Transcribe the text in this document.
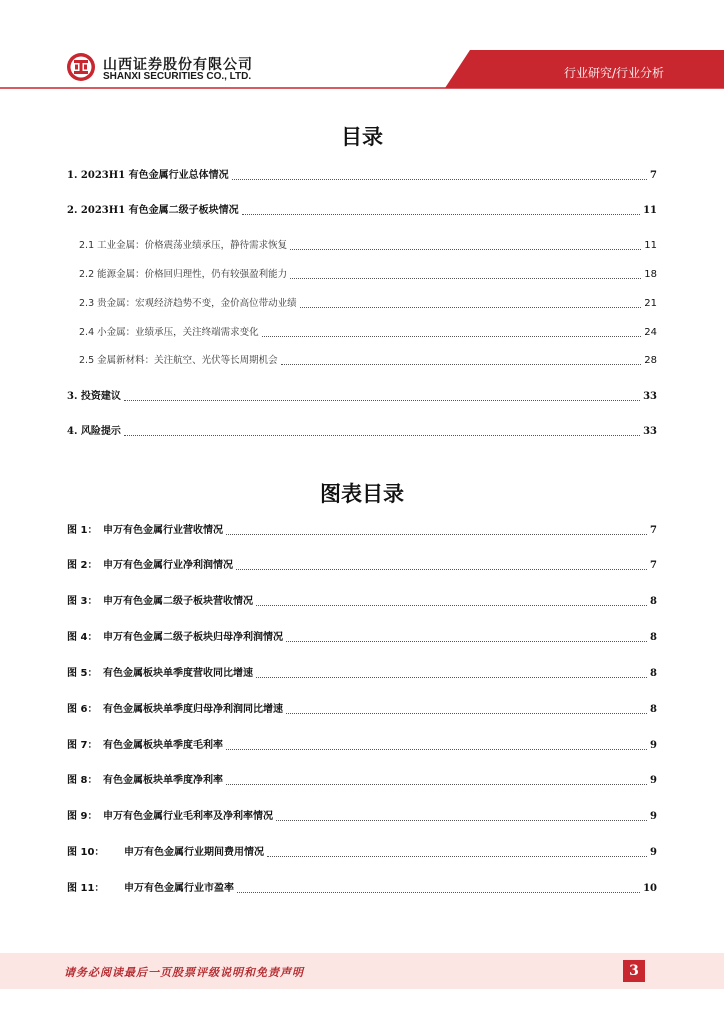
山西证券股份有限公司
SHANXI SECURITIES CO., LTD.	行业研究/行业分析
目录
1. 2023H1 有色金属行业总体情况	7
2. 2023H1 有色金属二级子板块情况	11
2.1 工业金属：价格震荡业绩承压，静待需求恢复	11
2.2 能源金属：价格回归理性，仍有较强盈利能力	18
2.3 贵金属：宏观经济趋势不变，金价高位带动业绩	21
2.4 小金属：业绩承压，关注终端需求变化	24
2.5 金属新材料：关注航空、光伏等长周期机会	28
3. 投资建议	33
4. 风险提示	33
图表目录
图 1： 申万有色金属行业营收情况	7
图 2： 申万有色金属行业净利润情况	7
图 3： 申万有色金属二级子板块营收情况	8
图 4： 申万有色金属二级子板块归母净利润情况	8
图 5： 有色金属板块单季度营收同比增速	8
图 6： 有色金属板块单季度归母净利润同比增速	8
图 7： 有色金属板块单季度毛利率	9
图 8： 有色金属板块单季度净利率	9
图 9： 申万有色金属行业毛利率及净利率情况	9
图 10：	申万有色金属行业期间费用情况	9
图 11：	申万有色金属行业市盈率	10
请务必阅读最后一页股票评级说明和免责声明	3
